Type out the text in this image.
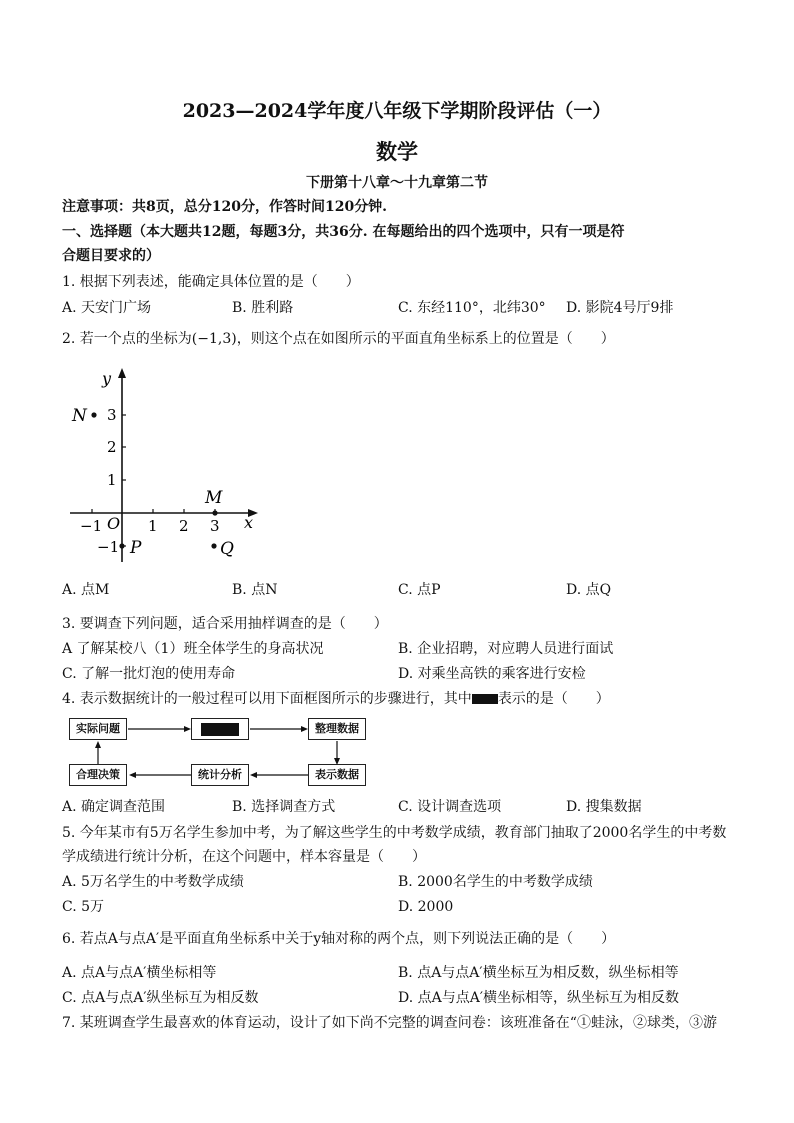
2023—2024学年度八年级下学期阶段评估（一）
数学
下册第十八章～十九章第二节
注意事项：共8页，总分120分，作答时间120分钟.
一、选择题（本大题共12题，每题3分，共36分. 在每题给出的四个选项中，只有一项是符
合题目要求的）
1. 根据下列表述，能确定具体位置的是（　　）
A. 天安门广场	B. 胜利路	C. 东经110°，北纬30° D. 影院4号厅9排
2. 若一个点的坐标为(−1,3)，则这个点在如图所示的平面直角坐标系上的位置是（　　）
y
x
O
−1	1 2 3
3
2
1
−1
N
M
P	Q
A. 点M	B. 点N	C. 点P	D. 点Q
3. 要调查下列问题，适合采用抽样调查的是（　　）
A 了解某校八（1）班全体学生的身高状况	B. 企业招聘，对应聘人员进行面试
C. 了解一批灯泡的使用寿命	D. 对乘坐高铁的乘客进行安检
4. 表示数据统计的一般过程可以用下面框图所示的步骤进行，其中 表示的是（　　）
实际问题	整理数据
表示数据
统计分析
合理决策
A. 确定调查范围	B. 选择调查方式	C. 设计调查选项	D. 搜集数据
5. 今年某市有5万名学生参加中考，为了解这些学生的中考数学成绩，教育部门抽取了2000名学生的中考数
学成绩进行统计分析，在这个问题中，样本容量是（　　）
A. 5万名学生的中考数学成绩	B. 2000名学生的中考数学成绩
C. 5万	D. 2000
6. 若点A与点A′是平面直角坐标系中关于y轴对称的两个点，则下列说法正确的是（　　）
A. 点A与点A′横坐标相等	B. 点A与点A′横坐标互为相反数，纵坐标相等
C. 点A与点A′纵坐标互为相反数	D. 点A与点A′横坐标相等，纵坐标互为相反数
7. 某班调查学生最喜欢的体育运动，设计了如下尚不完整的调查问卷：该班准备在“①蛙泳，②球类，③游
